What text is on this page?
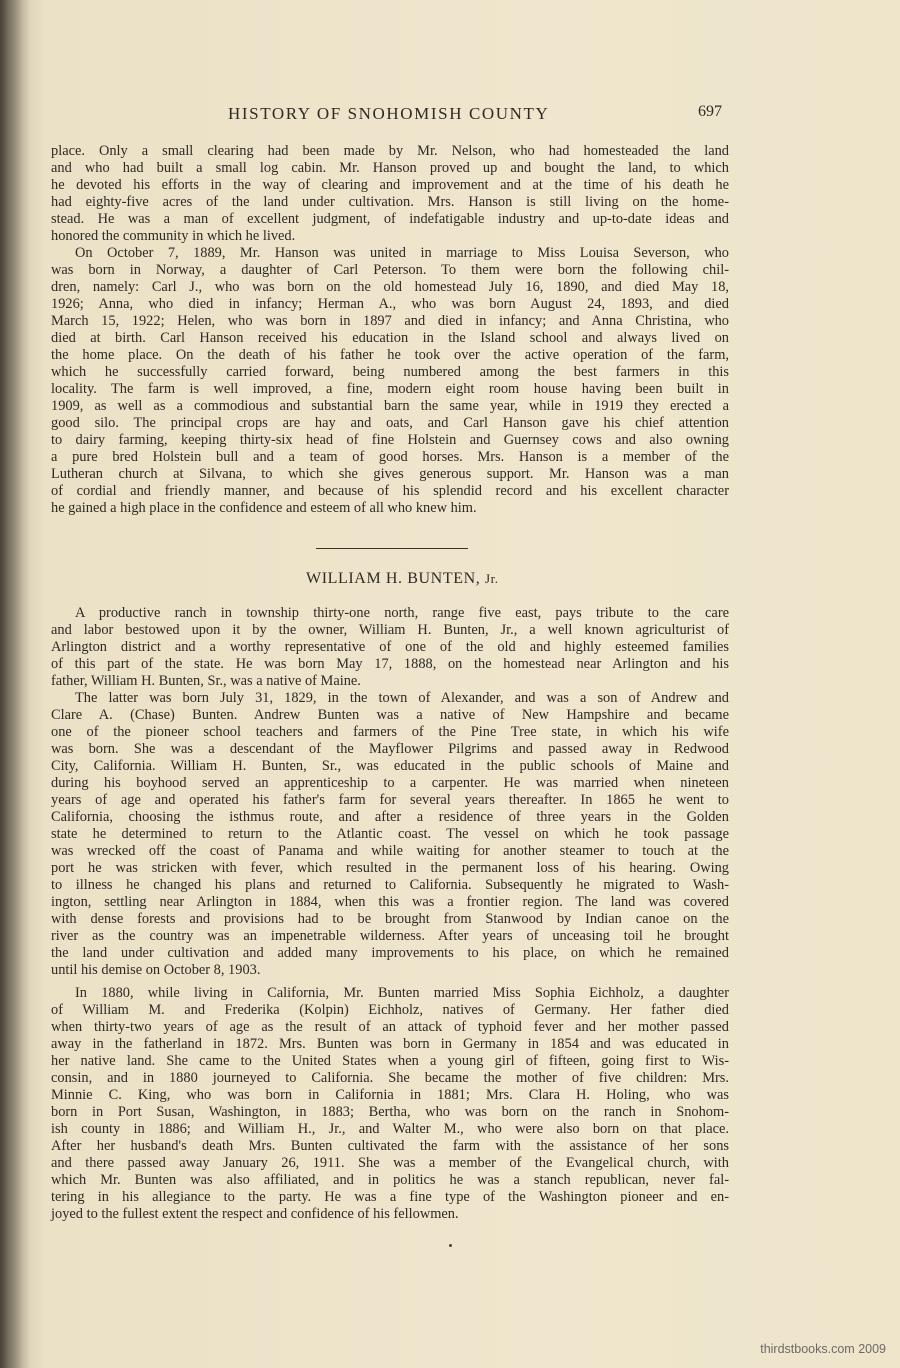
HISTORY OF SNOHOMISH COUNTY	697
place. Only a small clearing had been made by Mr. Nelson, who had homesteaded the land
and who had built a small log cabin. Mr. Hanson proved up and bought the land, to which
he devoted his efforts in the way of clearing and improvement and at the time of his death he
had eighty-five acres of the land under cultivation. Mrs. Hanson is still living on the home-
stead. He was a man of excellent judgment, of indefatigable industry and up-to-date ideas and
honored the community in which he lived.
On October 7, 1889, Mr. Hanson was united in marriage to Miss Louisa Severson, who
was born in Norway, a daughter of Carl Peterson. To them were born the following chil-
dren, namely: Carl J., who was born on the old homestead July 16, 1890, and died May 18,
1926; Anna, who died in infancy; Herman A., who was born August 24, 1893, and died
March 15, 1922; Helen, who was born in 1897 and died in infancy; and Anna Christina, who
died at birth. Carl Hanson received his education in the Island school and always lived on
the home place. On the death of his father he took over the active operation of the farm,
which he successfully carried forward, being numbered among the best farmers in this
locality. The farm is well improved, a fine, modern eight room house having been built in
1909, as well as a commodious and substantial barn the same year, while in 1919 they erected a
good silo. The principal crops are hay and oats, and Carl Hanson gave his chief attention
to dairy farming, keeping thirty-six head of fine Holstein and Guernsey cows and also owning
a pure bred Holstein bull and a team of good horses. Mrs. Hanson is a member of the
Lutheran church at Silvana, to which she gives generous support. Mr. Hanson was a man
of cordial and friendly manner, and because of his splendid record and his excellent character
he gained a high place in the confidence and esteem of all who knew him.
WILLIAM H. BUNTEN, Jr.
A productive ranch in township thirty-one north, range five east, pays tribute to the care
and labor bestowed upon it by the owner, William H. Bunten, Jr., a well known agriculturist of
Arlington district and a worthy representative of one of the old and highly esteemed families
of this part of the state. He was born May 17, 1888, on the homestead near Arlington and his
father, William H. Bunten, Sr., was a native of Maine.
The latter was born July 31, 1829, in the town of Alexander, and was a son of Andrew and
Clare A. (Chase) Bunten. Andrew Bunten was a native of New Hampshire and became
one of the pioneer school teachers and farmers of the Pine Tree state, in which his wife
was born. She was a descendant of the Mayflower Pilgrims and passed away in Redwood
City, California. William H. Bunten, Sr., was educated in the public schools of Maine and
during his boyhood served an apprenticeship to a carpenter. He was married when nineteen
years of age and operated his father's farm for several years thereafter. In 1865 he went to
California, choosing the isthmus route, and after a residence of three years in the Golden
state he determined to return to the Atlantic coast. The vessel on which he took passage
was wrecked off the coast of Panama and while waiting for another steamer to touch at the
port he was stricken with fever, which resulted in the permanent loss of his hearing. Owing
to illness he changed his plans and returned to California. Subsequently he migrated to Wash-
ington, settling near Arlington in 1884, when this was a frontier region. The land was covered
with dense forests and provisions had to be brought from Stanwood by Indian canoe on the
river as the country was an impenetrable wilderness. After years of unceasing toil he brought
the land under cultivation and added many improvements to his place, on which he remained
until his demise on October 8, 1903.
In 1880, while living in California, Mr. Bunten married Miss Sophia Eichholz, a daughter
of William M. and Frederika (Kolpin) Eichholz, natives of Germany. Her father died
when thirty-two years of age as the result of an attack of typhoid fever and her mother passed
away in the fatherland in 1872. Mrs. Bunten was born in Germany in 1854 and was educated in
her native land. She came to the United States when a young girl of fifteen, going first to Wis-
consin, and in 1880 journeyed to California. She became the mother of five children: Mrs.
Minnie C. King, who was born in California in 1881; Mrs. Clara H. Holing, who was
born in Port Susan, Washington, in 1883; Bertha, who was born on the ranch in Snohom-
ish county in 1886; and William H., Jr., and Walter M., who were also born on that place.
After her husband's death Mrs. Bunten cultivated the farm with the assistance of her sons
and there passed away January 26, 1911. She was a member of the Evangelical church, with
which Mr. Bunten was also affiliated, and in politics he was a stanch republican, never fal-
tering in his allegiance to the party. He was a fine type of the Washington pioneer and en-
joyed to the fullest extent the respect and confidence of his fellowmen.
thirdstbooks.com 2009
